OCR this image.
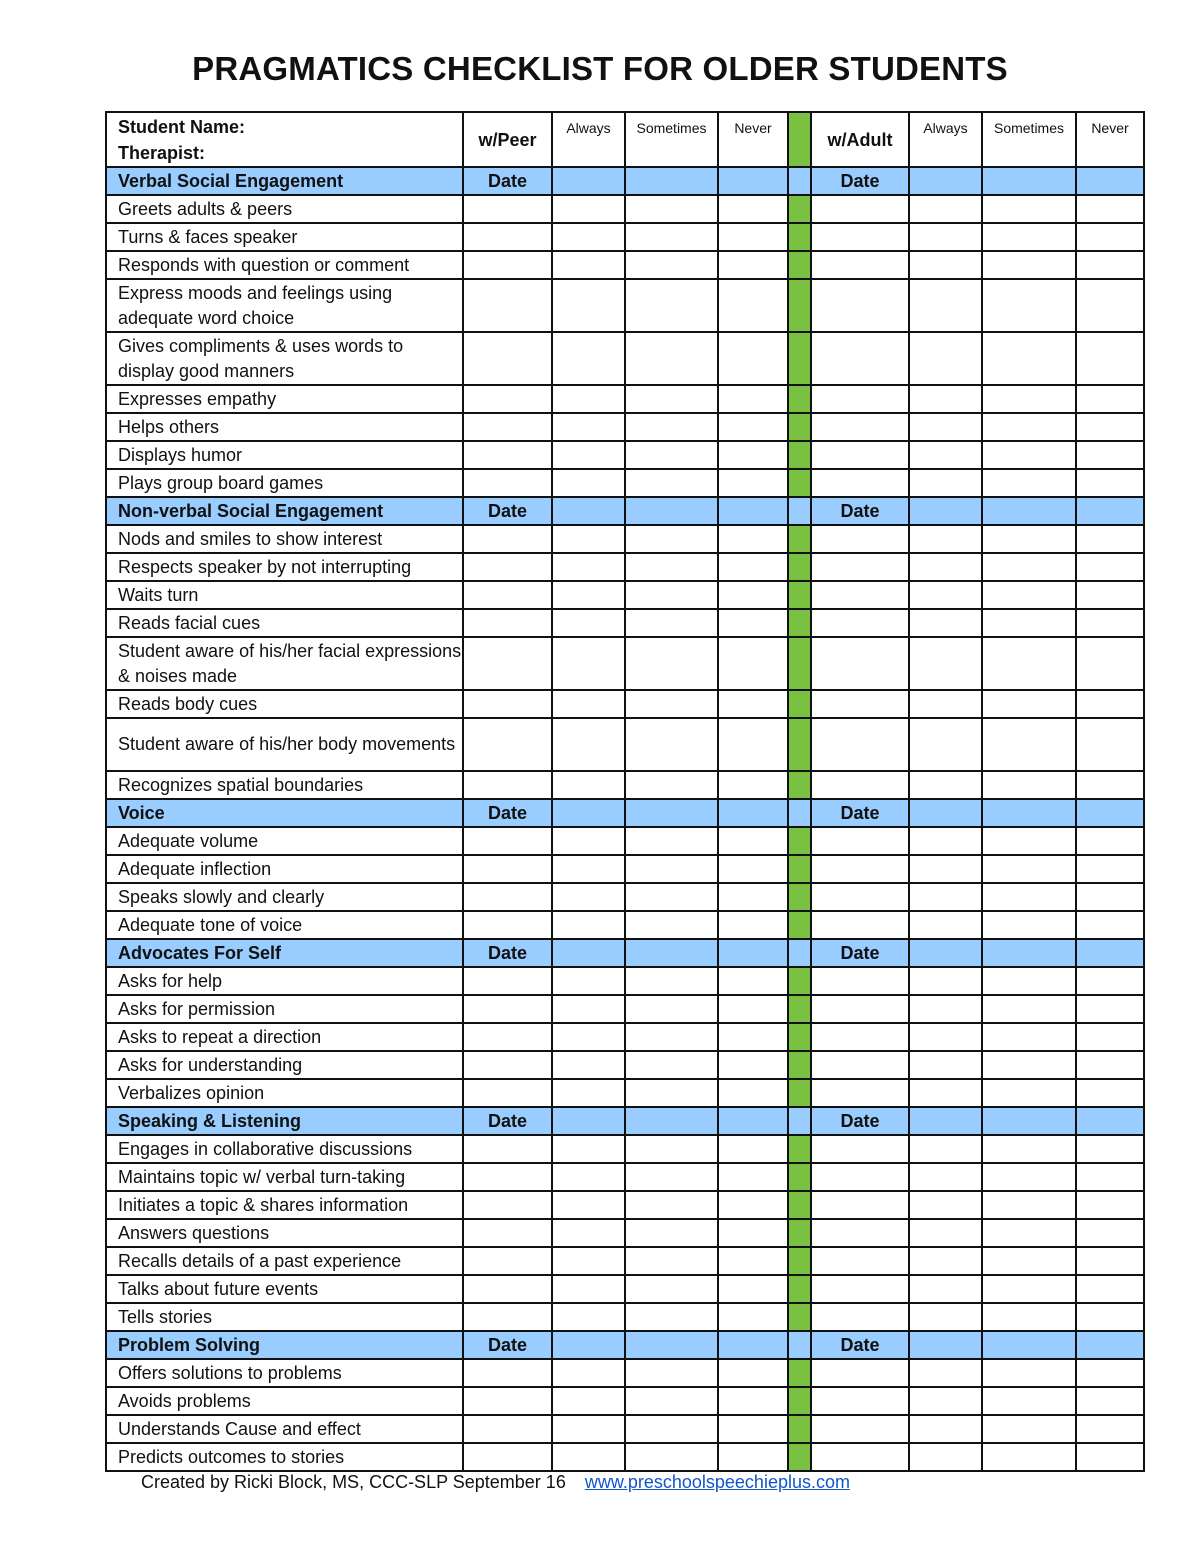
PRAGMATICS CHECKLIST FOR OLDER STUDENTS
Student Name:
Therapist:	w/Peer	Always	Sometimes	Never		w/Adult	Always	Sometimes	Never
Verbal Social Engagement	Date					Date			
Greets adults & peers									
Turns & faces speaker									
Responds with question or comment									
Express moods and feelings using adequate word choice									
Gives compliments & uses words to display good manners									
Expresses empathy									
Helps others									
Displays humor									
Plays group board games									
Non-verbal Social Engagement	Date					Date			
Nods and smiles to show interest									
Respects speaker by not interrupting									
Waits turn									
Reads facial cues									
Student aware of his/her facial expressions & noises made									
Reads body cues									
Student aware of his/her body movements									
Recognizes spatial boundaries									
Voice	Date					Date			
Adequate volume									
Adequate inflection									
Speaks slowly and clearly									
Adequate tone of voice									
Advocates For Self	Date					Date			
Asks for help									
Asks for permission									
Asks to repeat a direction									
Asks for understanding									
Verbalizes opinion									
Speaking & Listening	Date					Date			
Engages in collaborative discussions									
Maintains topic w/ verbal turn-taking									
Initiates a topic & shares information									
Answers questions									
Recalls details of a past experience									
Talks about future events									
Tells stories									
Problem Solving	Date					Date			
Offers solutions to problems									
Avoids problems									
Understands Cause and effect									
Predicts outcomes to stories									
Created by Ricki Block, MS, CCC-SLP September 16 www.preschoolspeechieplus.com
